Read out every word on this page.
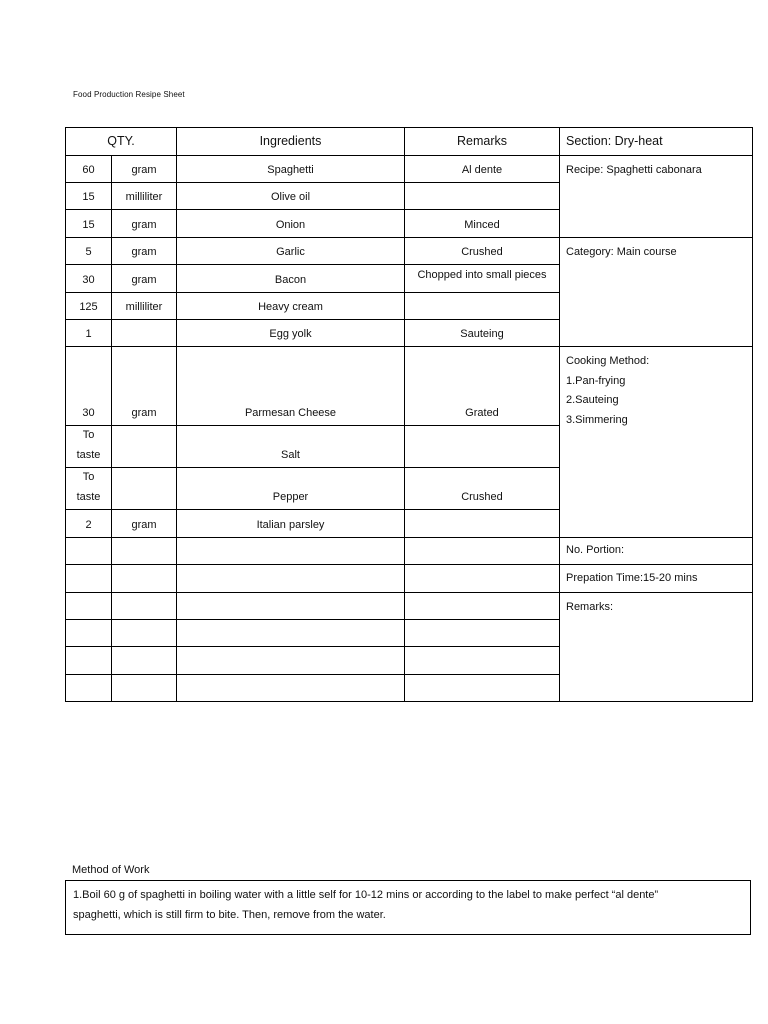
Food Production Resipe Sheet
QTY.		Ingredients	Remarks	Section: Dry-heat
60	gram	Spaghetti	Al dente	Recipe: Spaghetti cabonara
15	milliliter	Olive oil		
15	gram	Onion	Minced	
5	gram	Garlic	Crushed	Category: Main course
30	gram	Bacon	Chopped into small pieces	
125	milliliter	Heavy cream		
1		Egg yolk	Sauteing	
30	gram	Parmesan Cheese	Grated	Cooking Method:
1.Pan-frying
2.Sauteing
3.Simmering

To
taste		Salt		

To
taste		Pepper	Crushed	
2	gram	Italian parsley		
				No. Portion:
				Prepation Time:15-20 mins
				Remarks:

Method of Work
1.Boil 60 g of spaghetti in boiling water with a little self for 10-12 mins or according to the label to make perfect “al dente”
spaghetti, which is still firm to bite. Then, remove from the water.
